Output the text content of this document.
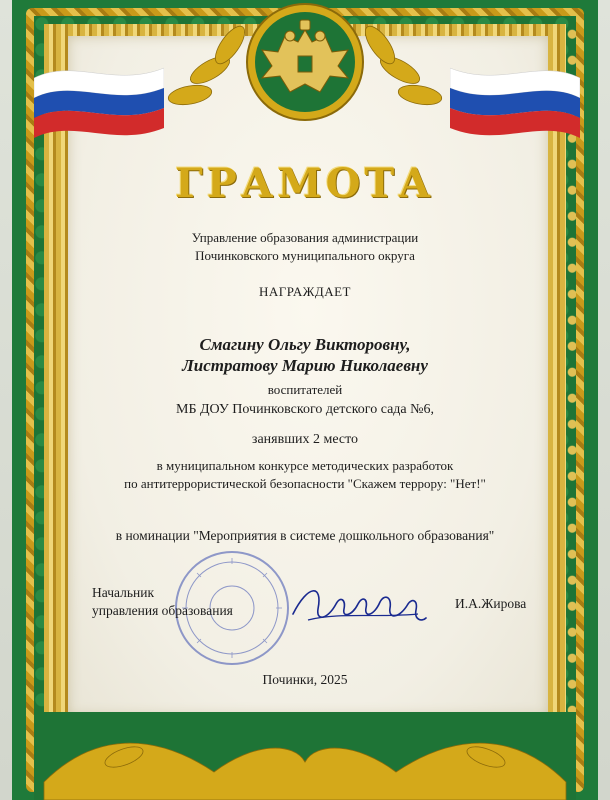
ГРАМОТА
Управление образования администрации
Починковского муниципального округа
НАГРАЖДАЕТ
Смагину Ольгу Викторовну,
Листратову Марию Николаевну
воспитателей
МБ ДОУ Починковского детского сада №6,
занявших 2 место
в муниципальном конкурсе методических разработок
по антитеррористической безопасности "Скажем террору: "Нет!"
в номинации "Мероприятия в системе дошкольного образования"
Начальник
управления образования	И.А.Жирова
Починки, 2025
